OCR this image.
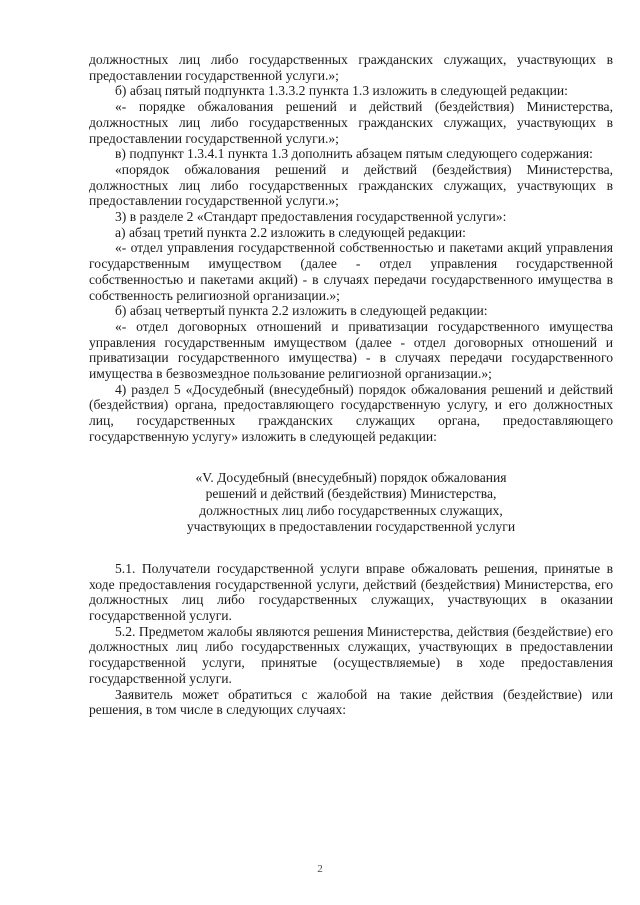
должностных лиц либо государственных гражданских служащих, участвующих в предоставлении государственной услуги.»;

б) абзац пятый подпункта 1.3.3.2 пункта 1.3 изложить в следующей редакции:

«- порядке обжалования решений и действий (бездействия) Министерства, должностных лиц либо государственных гражданских служащих, участвующих в предоставлении государственной услуги.»;

в) подпункт 1.3.4.1 пункта 1.3 дополнить абзацем пятым следующего содержания:

«порядок обжалования решений и действий (бездействия) Министерства, должностных лиц либо государственных гражданских служащих, участвующих в предоставлении государственной услуги.»;

3) в разделе 2 «Стандарт предоставления государственной услуги»:

а) абзац третий пункта 2.2 изложить в следующей редакции:

«- отдел управления государственной собственностью и пакетами акций управления государственным имуществом (далее - отдел управления государственной собственностью и пакетами акций) - в случаях передачи государственного имущества в собственность религиозной организации.»;

б) абзац четвертый пункта 2.2 изложить в следующей редакции:

«- отдел договорных отношений и приватизации государственного имущества управления государственным имуществом (далее - отдел договорных отношений и приватизации государственного имущества) - в случаях передачи государственного имущества в безвозмездное пользование религиозной организации.»;

4) раздел 5 «Досудебный (внесудебный) порядок обжалования решений и действий (бездействия) органа, предоставляющего государственную услугу, и его должностных лиц, государственных гражданских служащих органа, предоставляющего государственную услугу» изложить в следующей редакции:

«V. Досудебный (внесудебный) порядок обжалования
решений и действий (бездействия) Министерства,
должностных лиц либо государственных служащих,
участвующих в предоставлении государственной услуги

5.1. Получатели государственной услуги вправе обжаловать решения, принятые в ходе предоставления государственной услуги, действий (бездействия) Министерства, его должностных лиц либо государственных служащих, участвующих в оказании государственной услуги.

5.2. Предметом жалобы являются решения Министерства, действия (бездействие) его должностных лиц либо государственных служащих, участвующих в предоставлении государственной услуги, принятые (осуществляемые) в ходе предоставления государственной услуги.

Заявитель может обратиться с жалобой на такие действия (бездействие) или решения, в том числе в следующих случаях:

2
